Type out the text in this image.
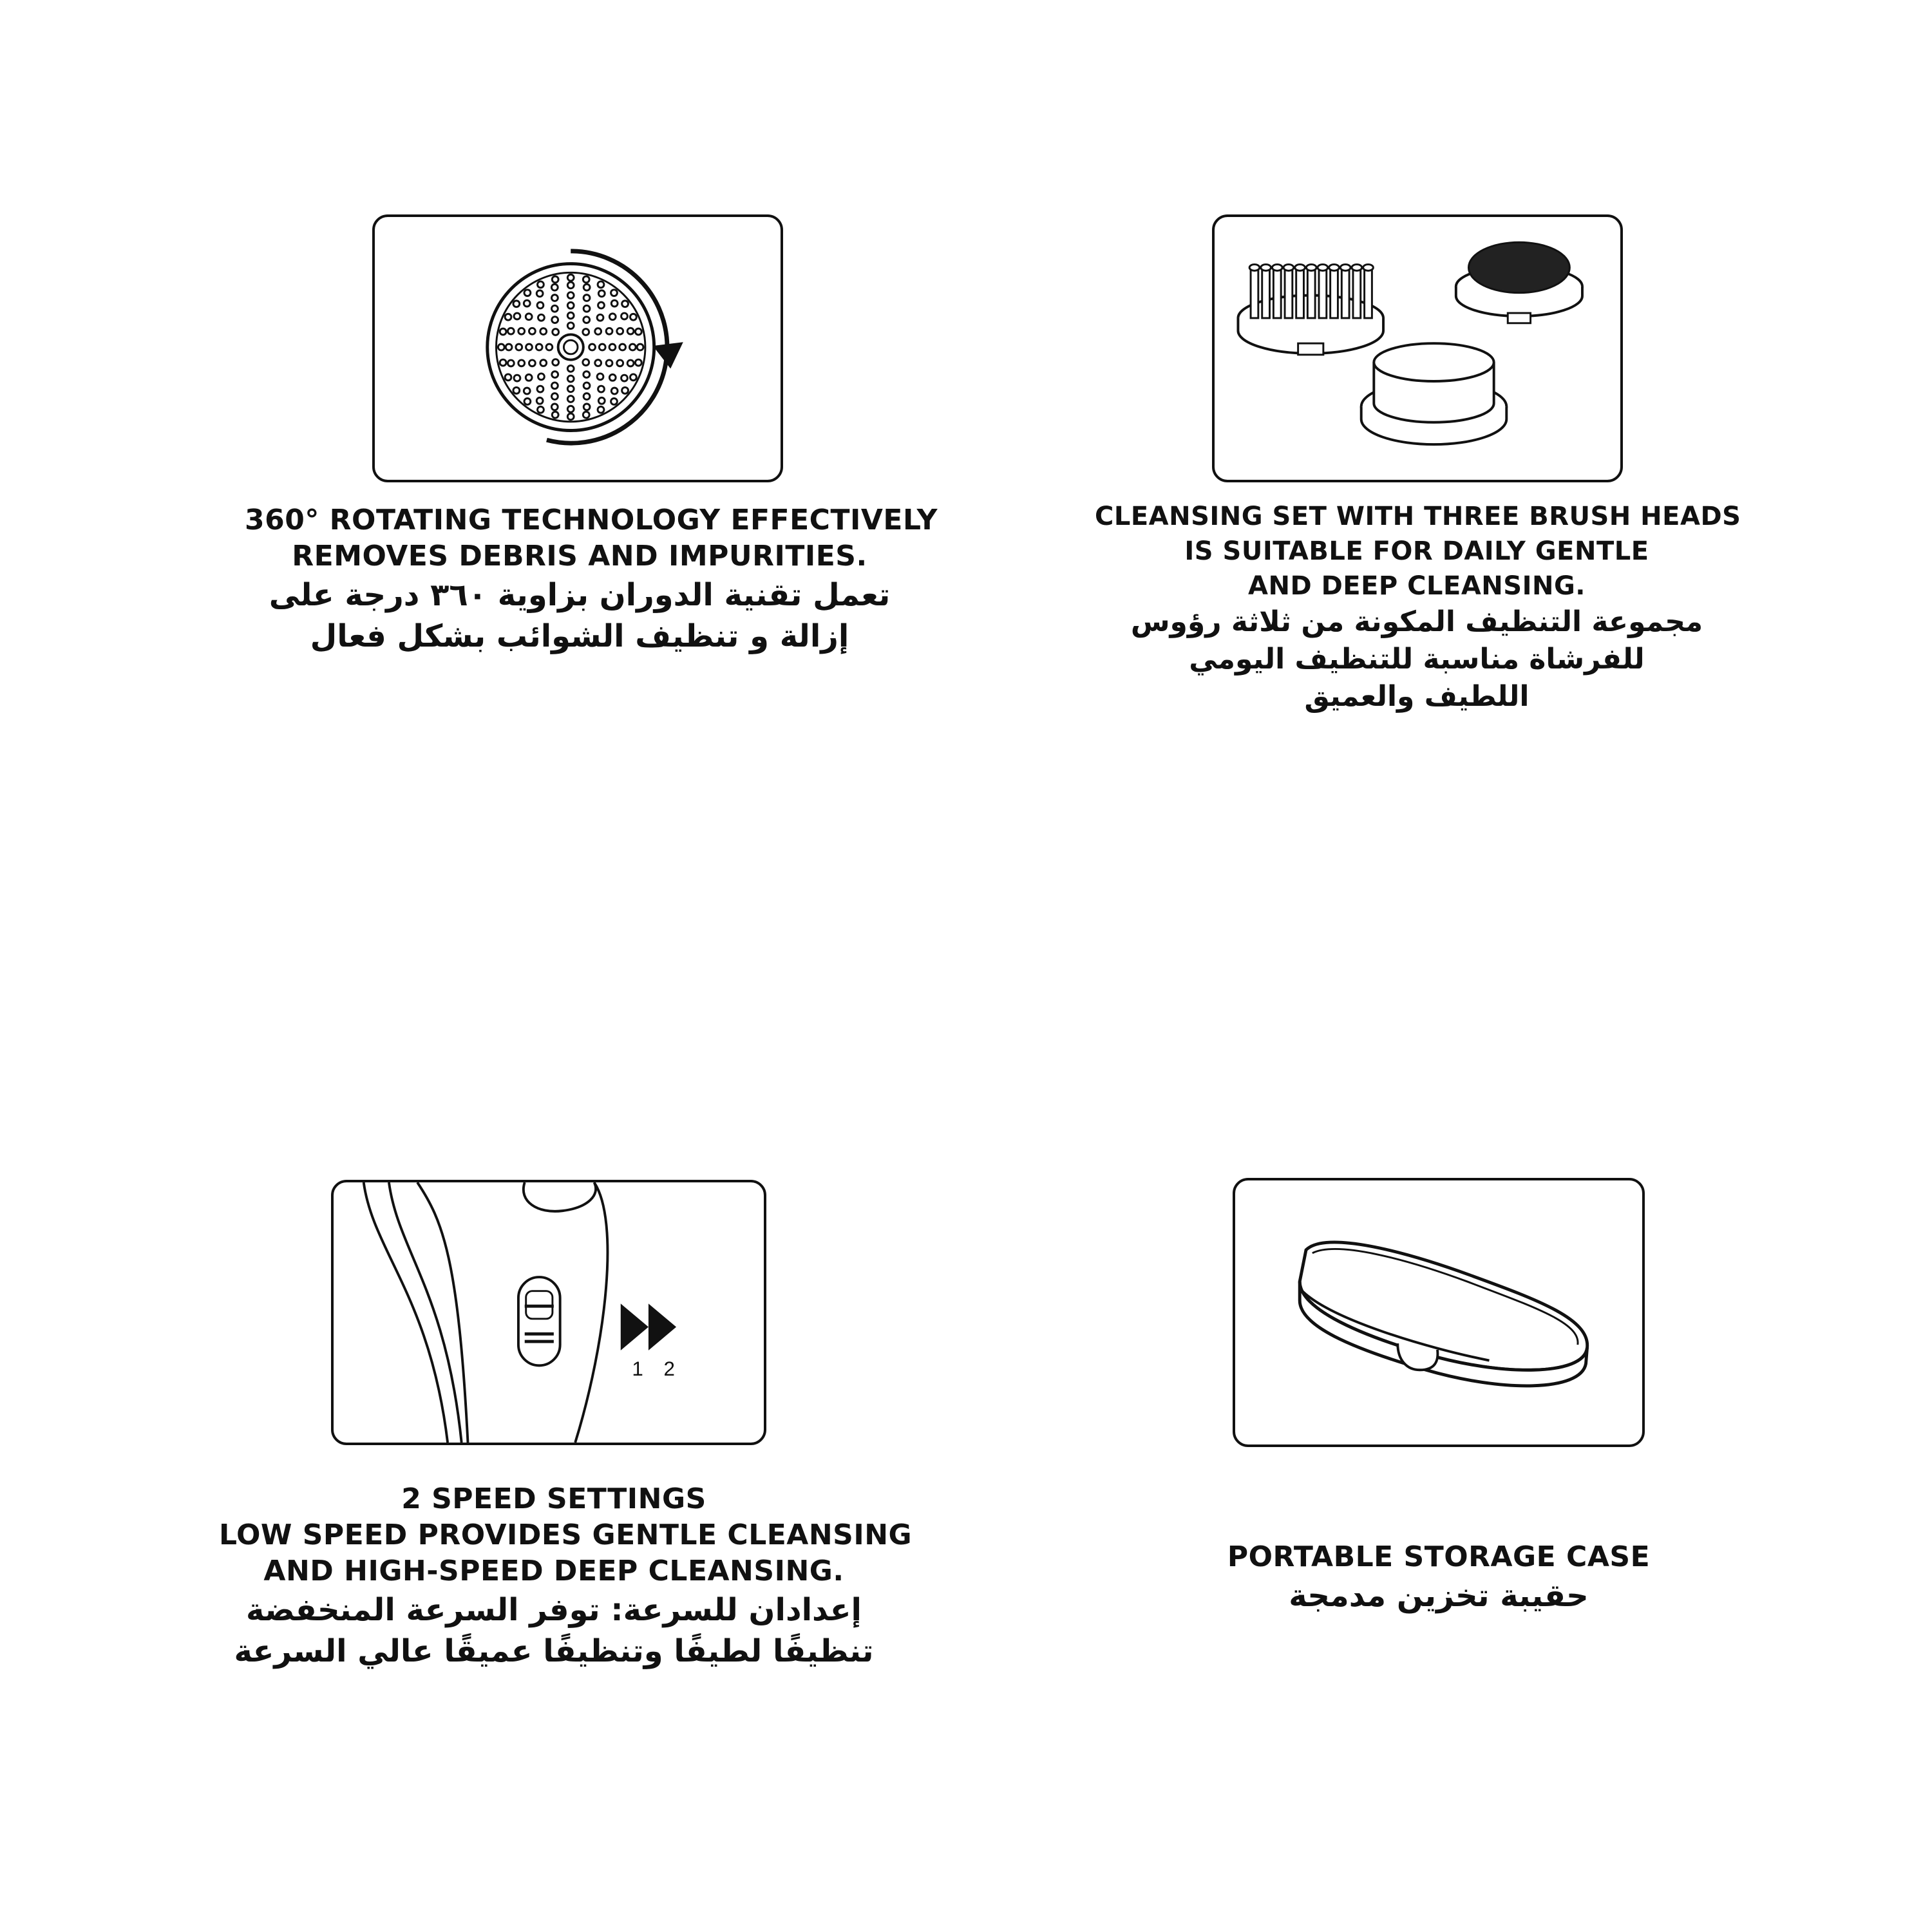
360° ROTATING TECHNOLOGY EFFECTIVELY
REMOVES DEBRIS AND IMPURITIES.
تعمل تقنية الدوران بزاوية ٣٦٠ درجة على
إزالة و تنظيف الشوائب بشكل فعال
CLEANSING SET WITH THREE BRUSH HEADS
IS SUITABLE FOR DAILY GENTLE
AND DEEP CLEANSING.
مجموعة التنظيف المكونة من ثلاثة رؤوس
للفرشاة مناسبة للتنظيف اليومي
اللطيف والعميق
1 2
2 SPEED SETTINGS
LOW SPEED PROVIDES GENTLE CLEANSING
AND HIGH-SPEED DEEP CLEANSING.
إعدادان للسرعة: توفر السرعة المنخفضة
تنظيفًا لطيفًا وتنظيفًا عميقًا عالي السرعة
PORTABLE STORAGE CASE
حقيبة تخزين مدمجة
